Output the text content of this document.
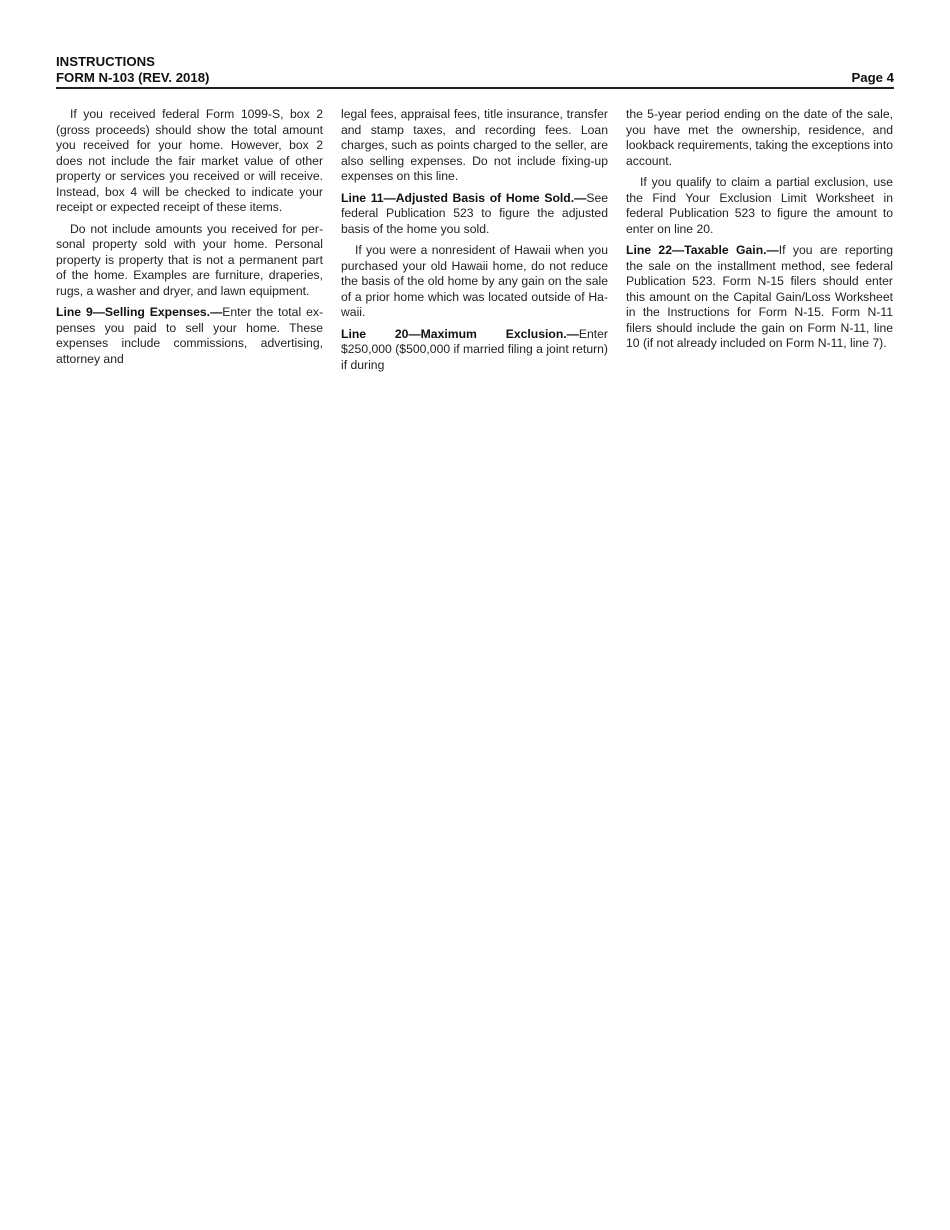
INSTRUCTIONS
FORM N-103 (REV. 2018)	Page 4

If you received federal Form 1099-S, box 2 (gross proceeds) should show the total amount you received for your home. However, box 2 does not include the fair market value of other property or services you received or will receive. Instead, box 4 will be checked to indicate your receipt or expected receipt of these items.

Do not include amounts you received for personal property sold with your home. Personal property is property that is not a permanent part of the home. Examples are furniture, draperies, rugs, a washer and dryer, and lawn equipment.

Line 9—Selling Expenses.—Enter the total expenses you paid to sell your home. These expenses include commissions, advertising, attorney and

legal fees, appraisal fees, title insurance, transfer and stamp taxes, and recording fees. Loan charges, such as points charged to the seller, are also selling expenses. Do not include fixing-up expenses on this line.

Line 11—Adjusted Basis of Home Sold.—See federal Publication 523 to figure the adjusted basis of the home you sold.

If you were a nonresident of Hawaii when you purchased your old Hawaii home, do not reduce the basis of the old home by any gain on the sale of a prior home which was located outside of Hawaii.

Line 20—Maximum Exclusion.—Enter $250,000 ($500,000 if married filing a joint return) if during

the 5-year period ending on the date of the sale, you have met the ownership, residence, and lookback requirements, taking the exceptions into account.

If you qualify to claim a partial exclusion, use the Find Your Exclusion Limit Worksheet in federal Publication 523 to figure the amount to enter on line 20.

Line 22—Taxable Gain.—If you are reporting the sale on the installment method, see federal Publication 523. Form N-15 filers should enter this amount on the Capital Gain/Loss Worksheet in the Instructions for Form N-15. Form N-11 filers should include the gain on Form N-11, line 10 (if not already included on Form N-11, line 7).
